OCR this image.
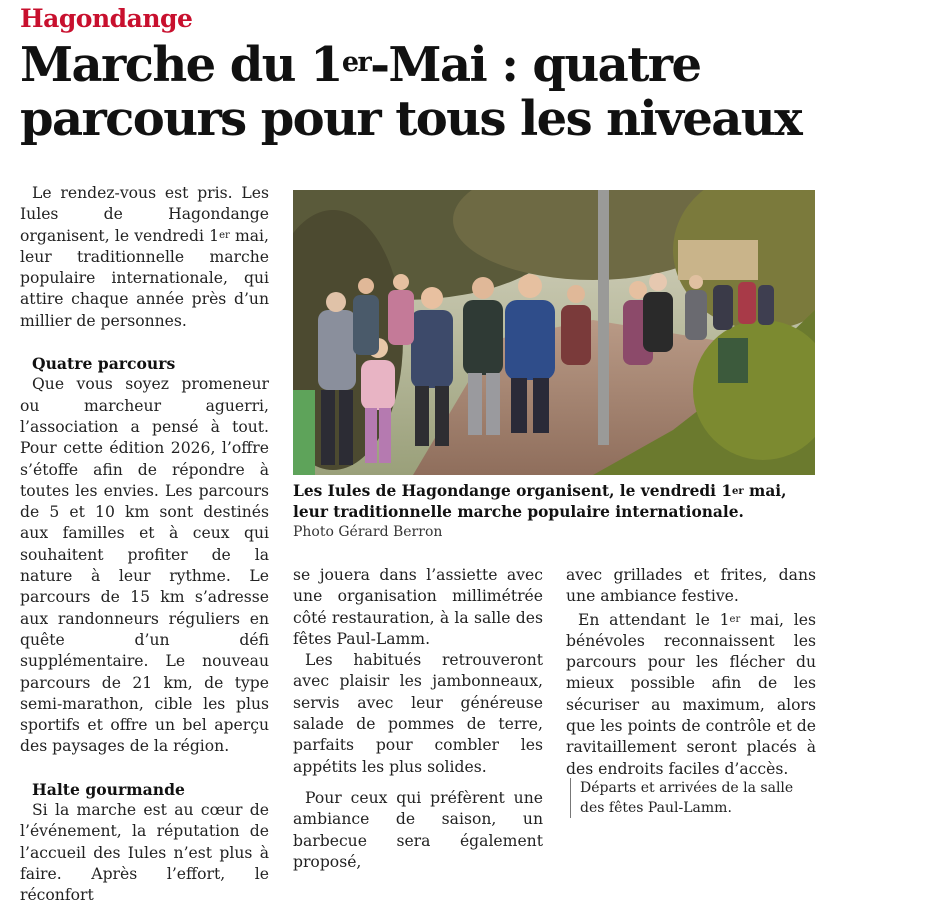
Hagondange
Marche du 1er-Mai : quatre parcours pour tous les niveaux

Le rendez-vous est pris. Les Iules de Hagondange organisent, le vendredi 1er mai, leur traditionnelle marche populaire internationale, qui attire chaque année près d’un millier de personnes.

Quatre parcours

Que vous soyez promeneur ou marcheur aguerri, l’association a pensé à tout. Pour cette édition 2026, l’offre s’étoffe afin de répondre à toutes les envies. Les parcours de 5 et 10 km sont destinés aux familles et à ceux qui souhaitent profiter de la nature à leur rythme. Le parcours de 15 km s’adresse aux randonneurs réguliers en quête d’un défi supplémentaire. Le nouveau parcours de 21 km, de type semi-marathon, cible les plus sportifs et offre un bel aperçu des paysages de la région.

Halte gourmande

Si la marche est au cœur de l’événement, la réputation de l’accueil des Iules n’est plus à faire. Après l’effort, le réconfort

Les Iules de Hagondange organisent, le vendredi 1er mai, leur traditionnelle marche populaire internationale.
Photo Gérard Berron

se jouera dans l’assiette avec une organisation millimétrée côté restauration, à la salle des fêtes Paul-Lamm.

Les habitués retrouveront avec plaisir les jambonneaux, servis avec leur généreuse salade de pommes de terre, parfaits pour combler les appétits les plus solides.

Pour ceux qui préfèrent une ambiance de saison, un barbecue sera également proposé,

avec grillades et frites, dans une ambiance festive.

En attendant le 1er mai, les bénévoles reconnaissent les parcours pour les flécher du mieux possible afin de les sécuriser au maximum, alors que les points de contrôle et de ravitaillement seront placés à des endroits faciles d’accès.

Départs et arrivées de la salle des fêtes Paul-Lamm.
